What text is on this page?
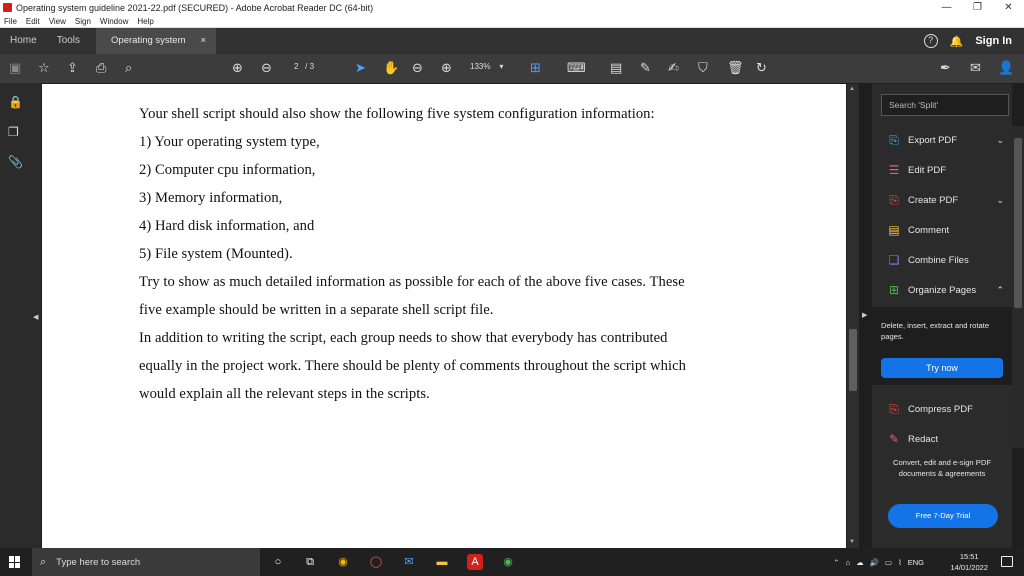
Operating system guideline 2021-22.pdf (SECURED) - Adobe Acrobat Reader DC (64-bit)	—	❐	✕
File Edit View Sign Window Help
Home	Tools	Operating system	×	?	🔔 Sign In
▣ ☆ ⇪ ⎙ ⌕	⊕ ⊖	2 / 3	➤ ✋ ⊖ ⊕ 133% ▾ ⊞ ⌨ ▤ ✎ ✍ ⛉ 🗑 ↻	✒ ✉ 👤
🔒
❐
📎
◀

Your shell script should also show the following five system configuration information:

1) Your operating system type,

2) Computer cpu information,

3) Memory information,

4) Hard disk information, and

5) File system (Mounted).

Try to show as much detailed information as possible for each of the above five cases. These

five example should be written in a separate shell script file.

In addition to writing the script, each group needs to show that everybody has contributed

equally in the project work. There should be plenty of comments throughout the script which

would explain all the relevant steps in the scripts.

▲
▼
▶
Search 'Split'
⎘ Export PDF	⌄
☰ Edit PDF
⎘ Create PDF	⌄
▤ Comment
❏ Combine Files
⊞ Organize Pages ⌃
Delete, insert, extract and rotate pages.
Try now
⎘ Compress PDF
✎ Redact
Convert, edit and e-sign PDF documents & agreements
Free 7-Day Trial
⌕ Type here to search	○	⧉	◉ ◯	✉	▬	A	◉	⌃ ⌂ ☁ 🔊 ▭ ⌇ ENG
15:51
14/01/2022
